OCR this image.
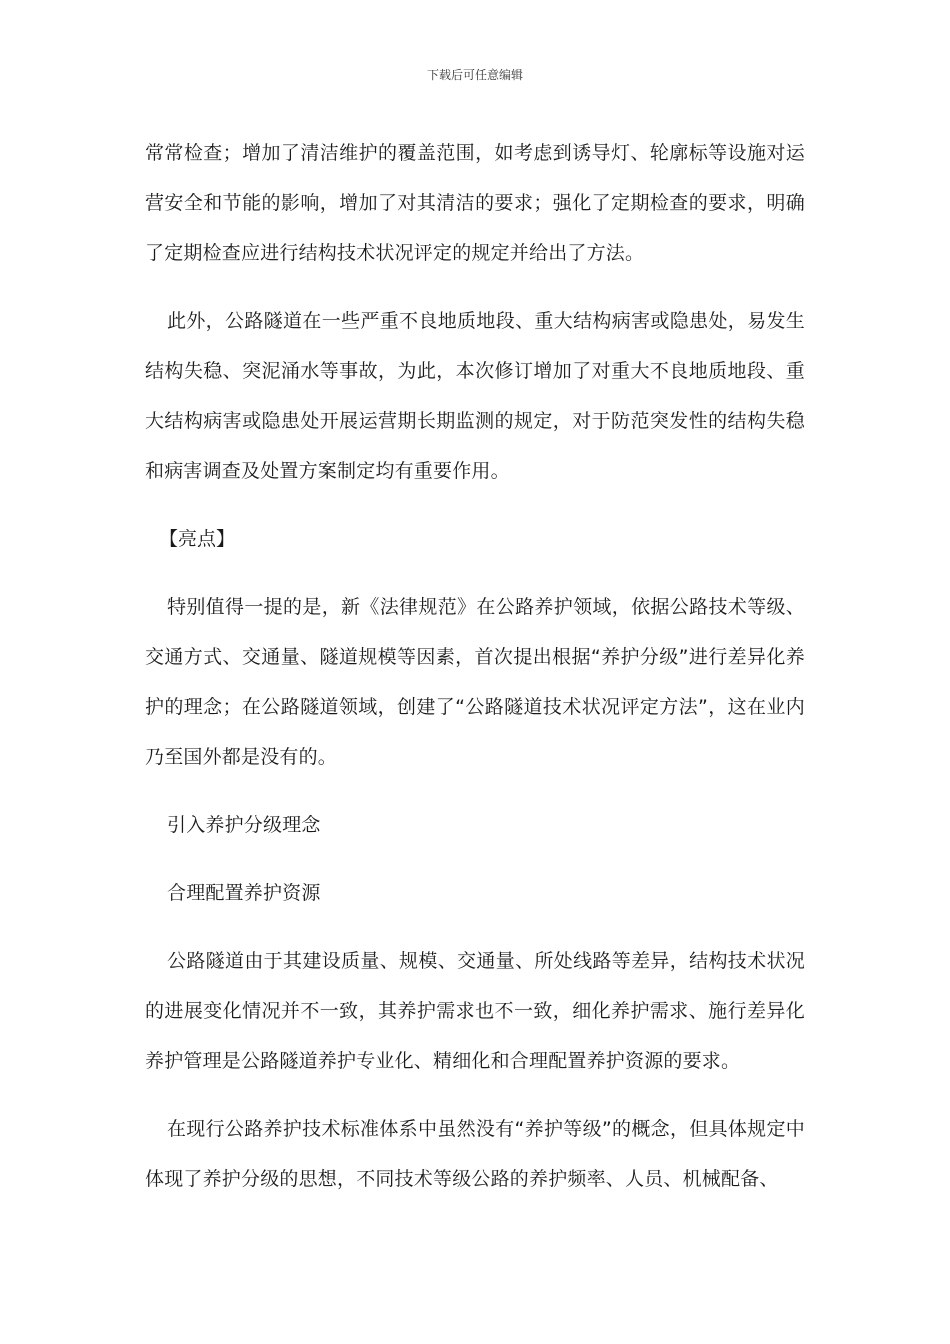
下载后可任意编辑

常常检查；增加了清洁维护的覆盖范围，如考虑到诱导灯、轮廓标等设施对运营安全和节能的影响，增加了对其清洁的要求；强化了定期检查的要求，明确了定期检查应进行结构技术状况评定的规定并给出了方法。

此外，公路隧道在一些严重不良地质地段、重大结构病害或隐患处，易发生结构失稳、突泥涌水等事故，为此，本次修订增加了对重大不良地质地段、重大结构病害或隐患处开展运营期长期监测的规定，对于防范突发性的结构失稳和病害调查及处置方案制定均有重要作用。

【亮点】

特别值得一提的是，新《法律规范》在公路养护领域，依据公路技术等级、交通方式、交通量、隧道规模等因素，首次提出根据“养护分级”进行差异化养护的理念；在公路隧道领域，创建了“公路隧道技术状况评定方法”，这在业内乃至国外都是没有的。

引入养护分级理念

合理配置养护资源

公路隧道由于其建设质量、规模、交通量、所处线路等差异，结构技术状况的进展变化情况并不一致，其养护需求也不一致，细化养护需求、施行差异化养护管理是公路隧道养护专业化、精细化和合理配置养护资源的要求。

在现行公路养护技术标准体系中虽然没有“养护等级”的概念，但具体规定中体现了养护分级的思想，不同技术等级公路的养护频率、人员、机械配备、
